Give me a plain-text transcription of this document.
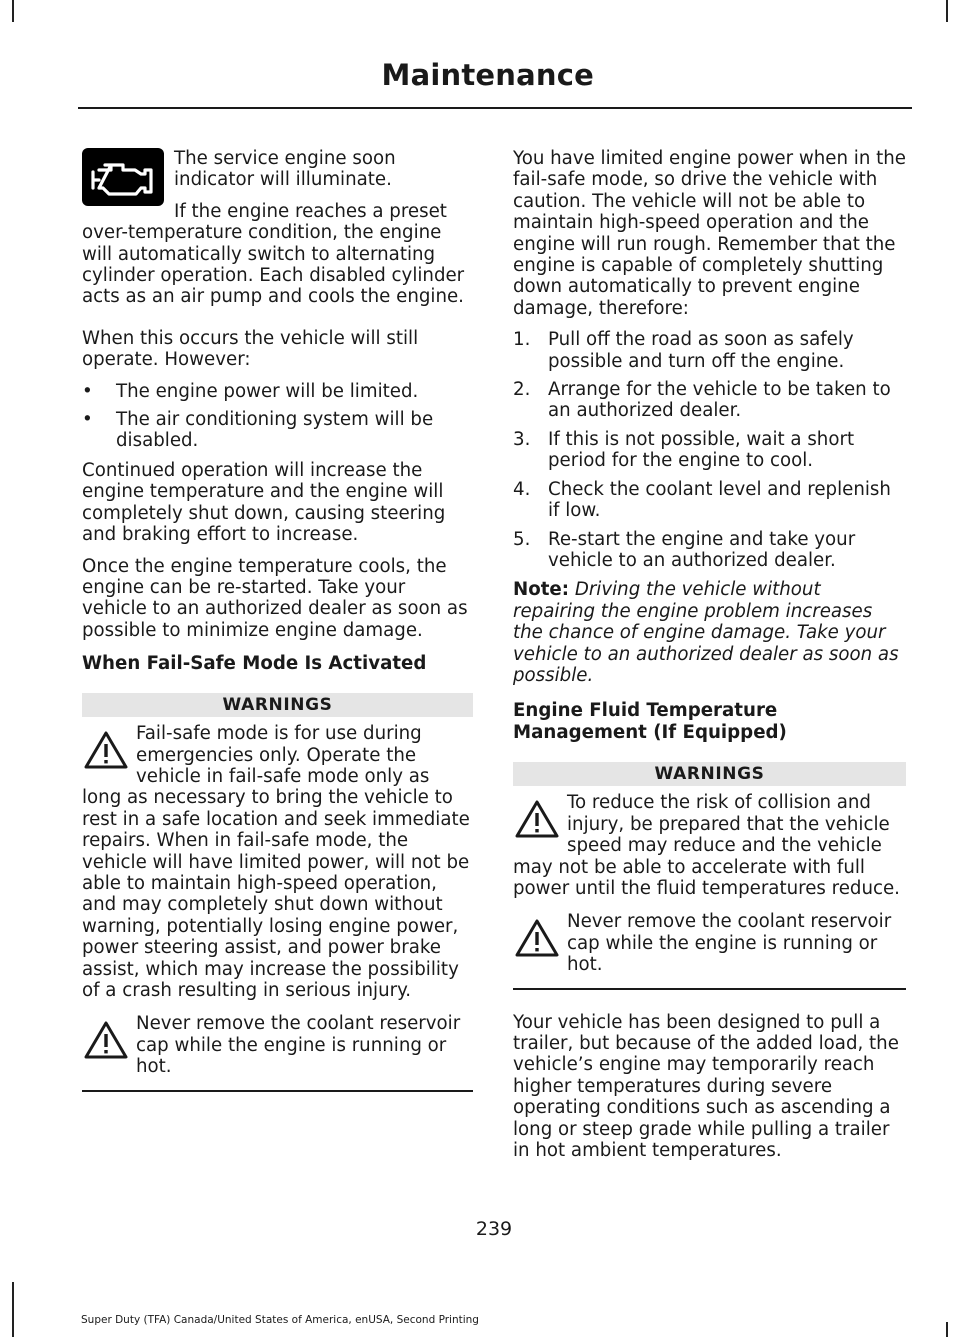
Maintenance

The service engine soon indicator will illuminate.

If the engine reaches a preset over-temperature condition, the engine will automatically switch to alternating cylinder operation. Each disabled cylinder acts as an air pump and cools the engine.

When this occurs the vehicle will still operate. However:

• The engine power will be limited.
• The air conditioning system will be disabled.

Continued operation will increase the engine temperature and the engine will completely shut down, causing steering and braking effort to increase.

Once the engine temperature cools, the engine can be re-started. Take your vehicle to an authorized dealer as soon as possible to minimize engine damage.

When Fail-Safe Mode Is Activated
WARNINGS
Fail-safe mode is for use during emergencies only. Operate the vehicle in fail-safe mode only as long as necessary to bring the vehicle to rest in a safe location and seek immediate repairs. When in fail-safe mode, the vehicle will have limited power, will not be able to maintain high-speed operation, and may completely shut down without warning, potentially losing engine power, power steering assist, and power brake assist, which may increase the possibility of a crash resulting in serious injury.
Never remove the coolant reservoir cap while the engine is running or hot.

You have limited engine power when in the fail-safe mode, so drive the vehicle with caution. The vehicle will not be able to maintain high-speed operation and the engine will run rough. Remember that the engine is capable of completely shutting down automatically to prevent engine damage, therefore:

1. Pull off the road as soon as safely possible and turn off the engine.
2. Arrange for the vehicle to be taken to an authorized dealer.
3. If this is not possible, wait a short period for the engine to cool.
4. Check the coolant level and replenish if low.
5. Re-start the engine and take your vehicle to an authorized dealer.

Note: Driving the vehicle without repairing the engine problem increases the chance of engine damage. Take your vehicle to an authorized dealer as soon as possible.

Engine Fluid Temperature
Management (If Equipped)
WARNINGS
To reduce the risk of collision and injury, be prepared that the vehicle speed may reduce and the vehicle may not be able to accelerate with full power until the fluid temperatures reduce.
Never remove the coolant reservoir cap while the engine is running or hot.

Your vehicle has been designed to pull a trailer, but because of the added load, the vehicle’s engine may temporarily reach higher temperatures during severe operating conditions such as ascending a long or steep grade while pulling a trailer in hot ambient temperatures.

239
Super Duty (TFA) Canada/United States of America, enUSA, Second Printing
